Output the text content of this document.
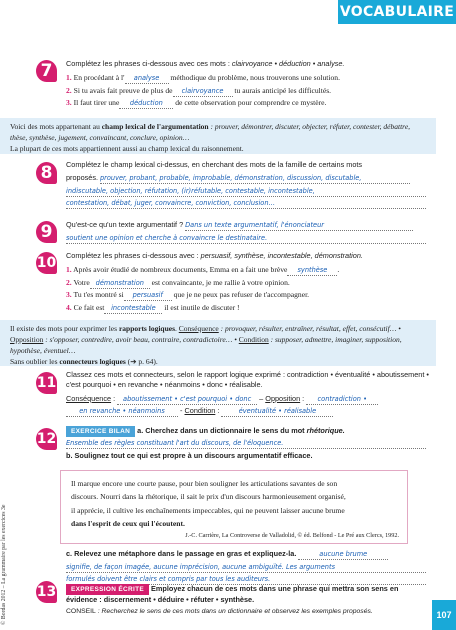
VOCABULAIRE
© Bordas 2012 – La grammaire par les exercices 3e
7	Complétez les phrases ci-dessous avec ces mots : clairvoyance • déduction • analyse.
1. En procédant à l' analyse méthodique du problème, nous trouverons une solution.
2. Si tu avais fait preuve de plus de clairvoyance tu aurais anticipé les difficultés.
3. Il faut tirer une déduction de cette observation pour comprendre ce mystère.
Voici des mots appartenant au champ lexical de l'argumentation : prouver, démontrer, discuter, objecter, réfuter, contester, débattre, thèse, synthèse, jugement, convaincant, conclure, opinion…
La plupart de ces mots appartiennent aussi au champ lexical du raisonnement.
8	Complétez le champ lexical ci-dessus, en cherchant des mots de la famille de certains mots
proposés. prouver, probant, probable, improbable, démonstration, discussion, discutable,
indiscutable, objection, réfutation, (ir)réfutable, contestable, incontestable,
contestation, débat, juger, convaincre, conviction, conclusion…
9	Qu'est-ce qu'un texte argumentatif ? Dans un texte argumentatif, l'énonciateur
soutient une opinion et cherche à convaincre le destinataire.
10 Complétez les phrases ci-dessous avec : persuasif, synthèse, incontestable, démonstration.
1. Après avoir étudié de nombreux documents, Emma en a fait une brève synthèse .
2. Votre démonstration est convaincante, je me rallie à votre opinion.
3. Tu t'es montré si persuasif que je ne peux pas refuser de t'accompagner.
4. Ce fait est incontestable il est inutile de discuter !
Il existe des mots pour exprimer les rapports logiques. Conséquence : provoquer, résulter, entraîner, résultat, effet, consécutif… • Opposition : s'opposer, contredire, avoir beau, contraire, contradictoire… • Condition : supposer, admettre, imaginer, supposition, hypothèse, éventuel…
Sans oublier les connecteurs logiques (➔ p. 64).
11
Classez ces mots et connecteurs, selon le rapport logique exprimé : contradiction • éventualité • aboutissement • c'est pourquoi • en revanche • néanmoins • donc • réalisable.
Conséquence : aboutissement • c'est pourquoi • donc – Opposition : contradiction •
en revanche • néanmoins - Condition :	éventualité • réalisable
12	EXERCICE BILAN a. Cherchez dans un dictionnaire le sens du mot rhétorique.
Ensemble des règles constituant l'art du discours, de l'éloquence.
b. Soulignez tout ce qui est propre à un discours argumentatif efficace.
Il marque encore une courte pause, pour bien souligner les articulations savantes de son
discours. Nourri dans la rhétorique, il sait le prix d'un discours harmonieusement organisé,
il apprécie, il cultive les enchaînements impeccables, qui ne peuvent laisser aucune brume
dans l'esprit de ceux qui l'écoutent.
J.-C. Carrière, La Controverse de Valladolid, © éd. Belfond - Le Pré aux Clercs, 1992.
c. Relevez une métaphore dans le passage en gras et expliquez-la.	aucune brume
signifie, de façon imagée, aucune imprécision, aucune ambiguïté. Les arguments
formulés doivent être clairs et compris par tous les auditeurs.
13	EXPRESSION ÉCRITE Employez chacun de ces mots dans une phrase qui mettra son sens en évidence : discernement • déduire • réfuter • synthèse.
CONSEIL : Recherchez le sens de ces mots dans un dictionnaire et observez les exemples proposés.	107
